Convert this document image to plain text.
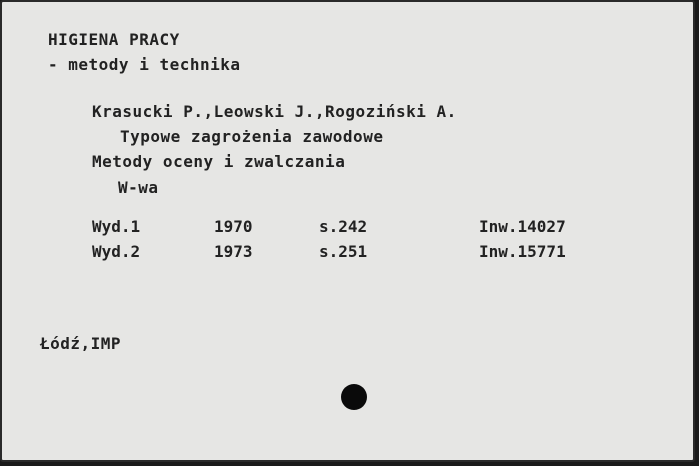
HIGIENA PRACY
- metody i technika
Krasucki P.,Leowski J.,Rogoziński A.
Typowe zagrożenia zawodowe
Metody oceny i zwalczania
W-wa
Wyd.1	1970	s.242	Inw.14027
Wyd.2	1973	s.251	Inw.15771
Łódź,IMP
